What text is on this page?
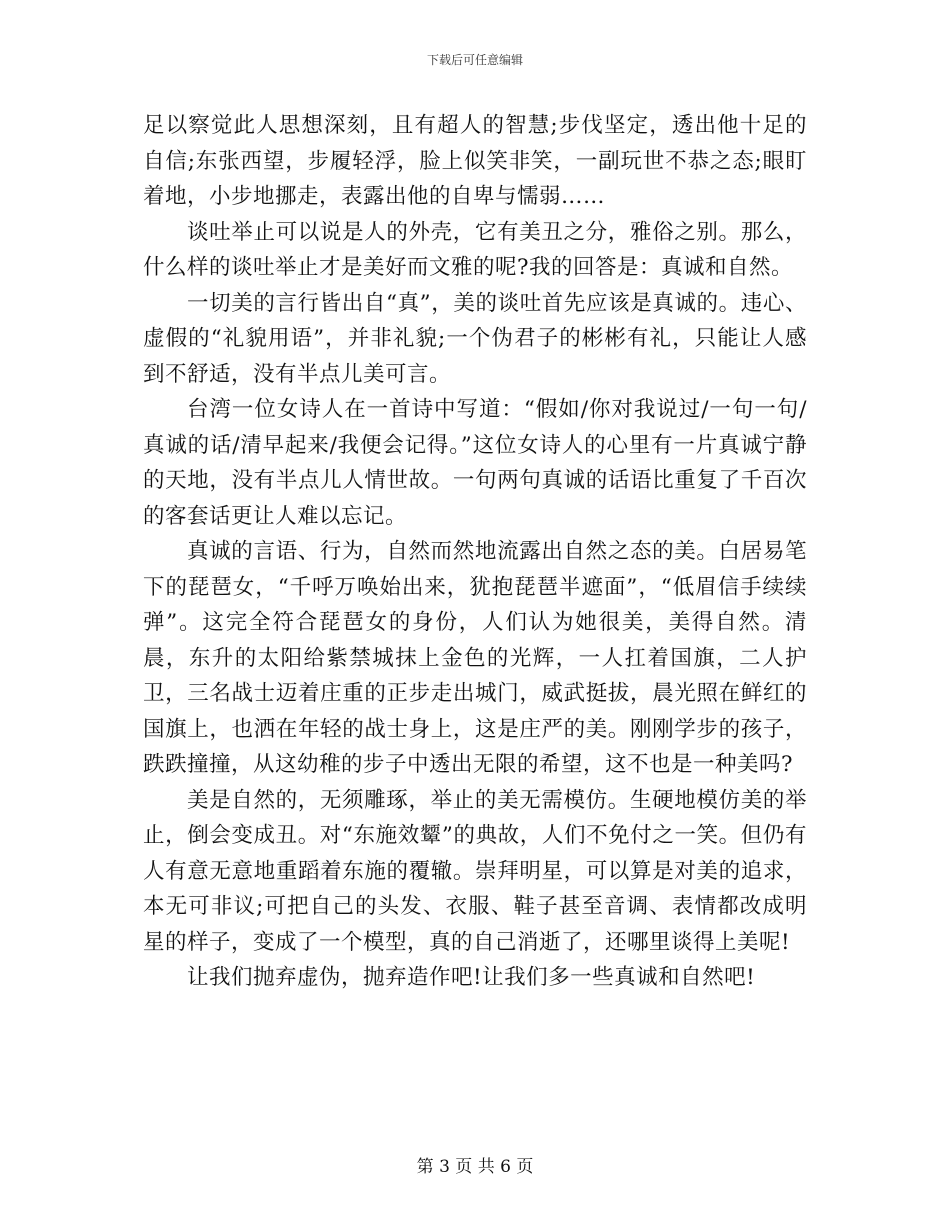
下载后可任意编辑

足以察觉此人思想深刻，且有超人的智慧;步伐坚定，透出他十足的自信;东张西望，步履轻浮，脸上似笑非笑，一副玩世不恭之态;眼盯着地，小步地挪走，表露出他的自卑与懦弱……

谈吐举止可以说是人的外壳，它有美丑之分，雅俗之别。那么，什么样的谈吐举止才是美好而文雅的呢?我的回答是：真诚和自然。

一切美的言行皆出自“真”，美的谈吐首先应该是真诚的。违心、虚假的“礼貌用语”，并非礼貌;一个伪君子的彬彬有礼，只能让人感到不舒适，没有半点儿美可言。

台湾一位女诗人在一首诗中写道：“假如/你对我说过/一句一句/真诚的话/清早起来/我便会记得。”这位女诗人的心里有一片真诚宁静的天地，没有半点儿人情世故。一句两句真诚的话语比重复了千百次的客套话更让人难以忘记。

真诚的言语、行为，自然而然地流露出自然之态的美。白居易笔下的琵琶女，“千呼万唤始出来，犹抱琵琶半遮面”，“低眉信手续续弹”。这完全符合琵琶女的身份，人们认为她很美，美得自然。清晨，东升的太阳给紫禁城抹上金色的光辉，一人扛着国旗，二人护卫，三名战士迈着庄重的正步走出城门，威武挺拔，晨光照在鲜红的国旗上，也洒在年轻的战士身上，这是庄严的美。刚刚学步的孩子，跌跌撞撞，从这幼稚的步子中透出无限的希望，这不也是一种美吗?

美是自然的，无须雕琢，举止的美无需模仿。生硬地模仿美的举止，倒会变成丑。对“东施效颦”的典故，人们不免付之一笑。但仍有人有意无意地重蹈着东施的覆辙。崇拜明星，可以算是对美的追求，本无可非议;可把自己的头发、衣服、鞋子甚至音调、表情都改成明星的样子，变成了一个模型，真的自己消逝了，还哪里谈得上美呢!

让我们抛弃虚伪，抛弃造作吧!让我们多一些真诚和自然吧!

第 3 页 共 6 页
